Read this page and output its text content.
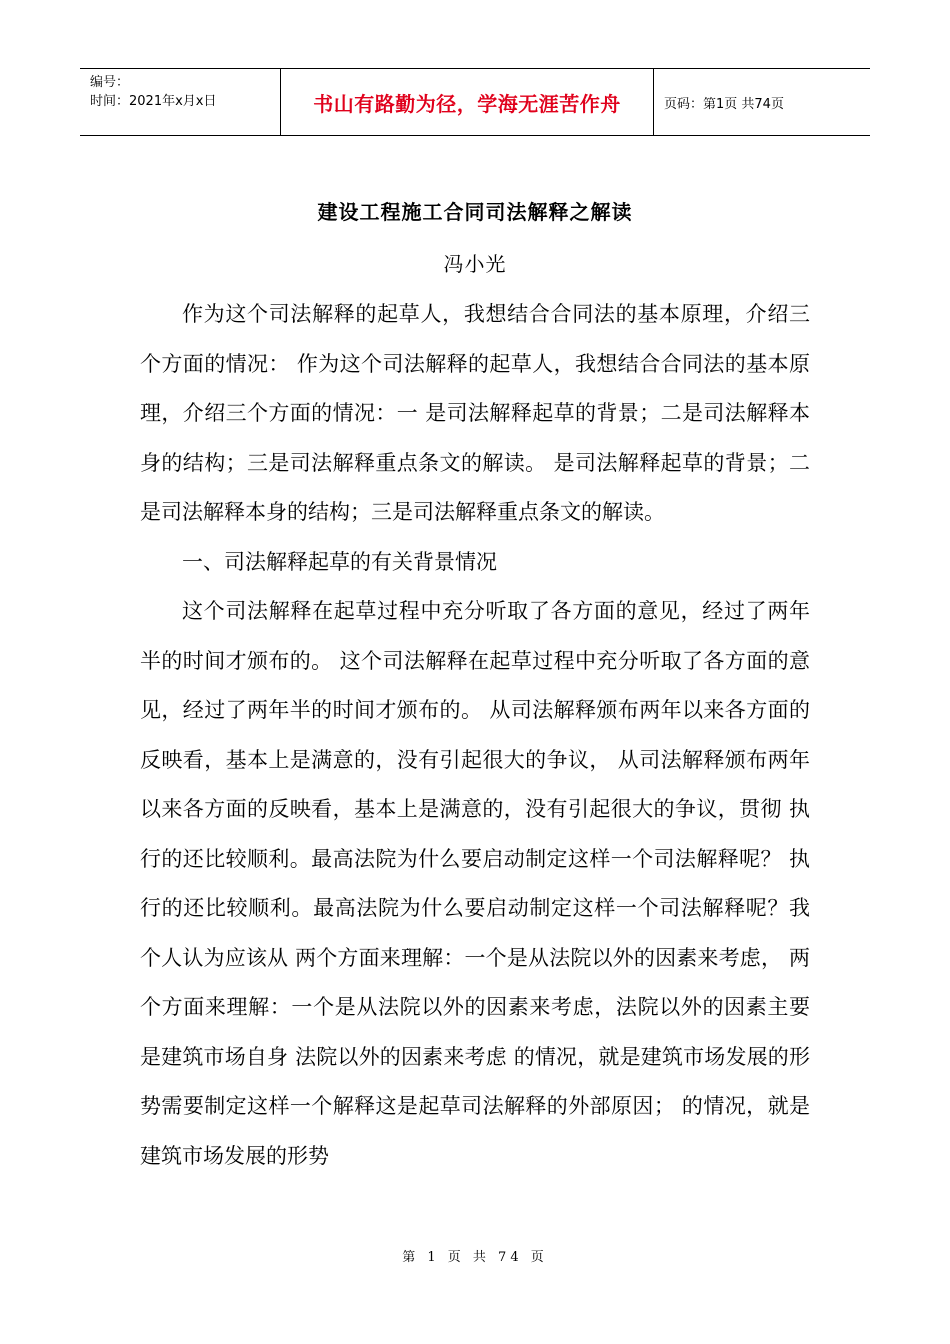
编号：
时间：2021年x月x日	书山有路勤为径，学海无涯苦作舟	页码：第1页 共74页
建设工程施工合同司法解释之解读
冯小光

作为这个司法解释的起草人，我想结合合同法的基本原理，介绍三个方面的情况： 作为这个司法解释的起草人，我想结合合同法的基本原理，介绍三个方面的情况：一 是司法解释起草的背景；二是司法解释本身的结构；三是司法解释重点条文的解读。 是司法解释起草的背景；二是司法解释本身的结构；三是司法解释重点条文的解读。

一、司法解释起草的有关背景情况

这个司法解释在起草过程中充分听取了各方面的意见，经过了两年半的时间才颁布的。 这个司法解释在起草过程中充分听取了各方面的意见，经过了两年半的时间才颁布的。 从司法解释颁布两年以来各方面的反映看，基本上是满意的，没有引起很大的争议， 从司法解释颁布两年以来各方面的反映看，基本上是满意的，没有引起很大的争议，贯彻 执行的还比较顺利。最高法院为什么要启动制定这样一个司法解释呢？ 执行的还比较顺利。最高法院为什么要启动制定这样一个司法解释呢？我个人认为应该从 两个方面来理解：一个是从法院以外的因素来考虑， 两个方面来理解：一个是从法院以外的因素来考虑，法院以外的因素主要是建筑市场自身 法院以外的因素来考虑 的情况，就是建筑市场发展的形势需要制定这样一个解释这是起草司法解释的外部原因； 的情况，就是建筑市场发展的形势

第 1 页 共 74 页
